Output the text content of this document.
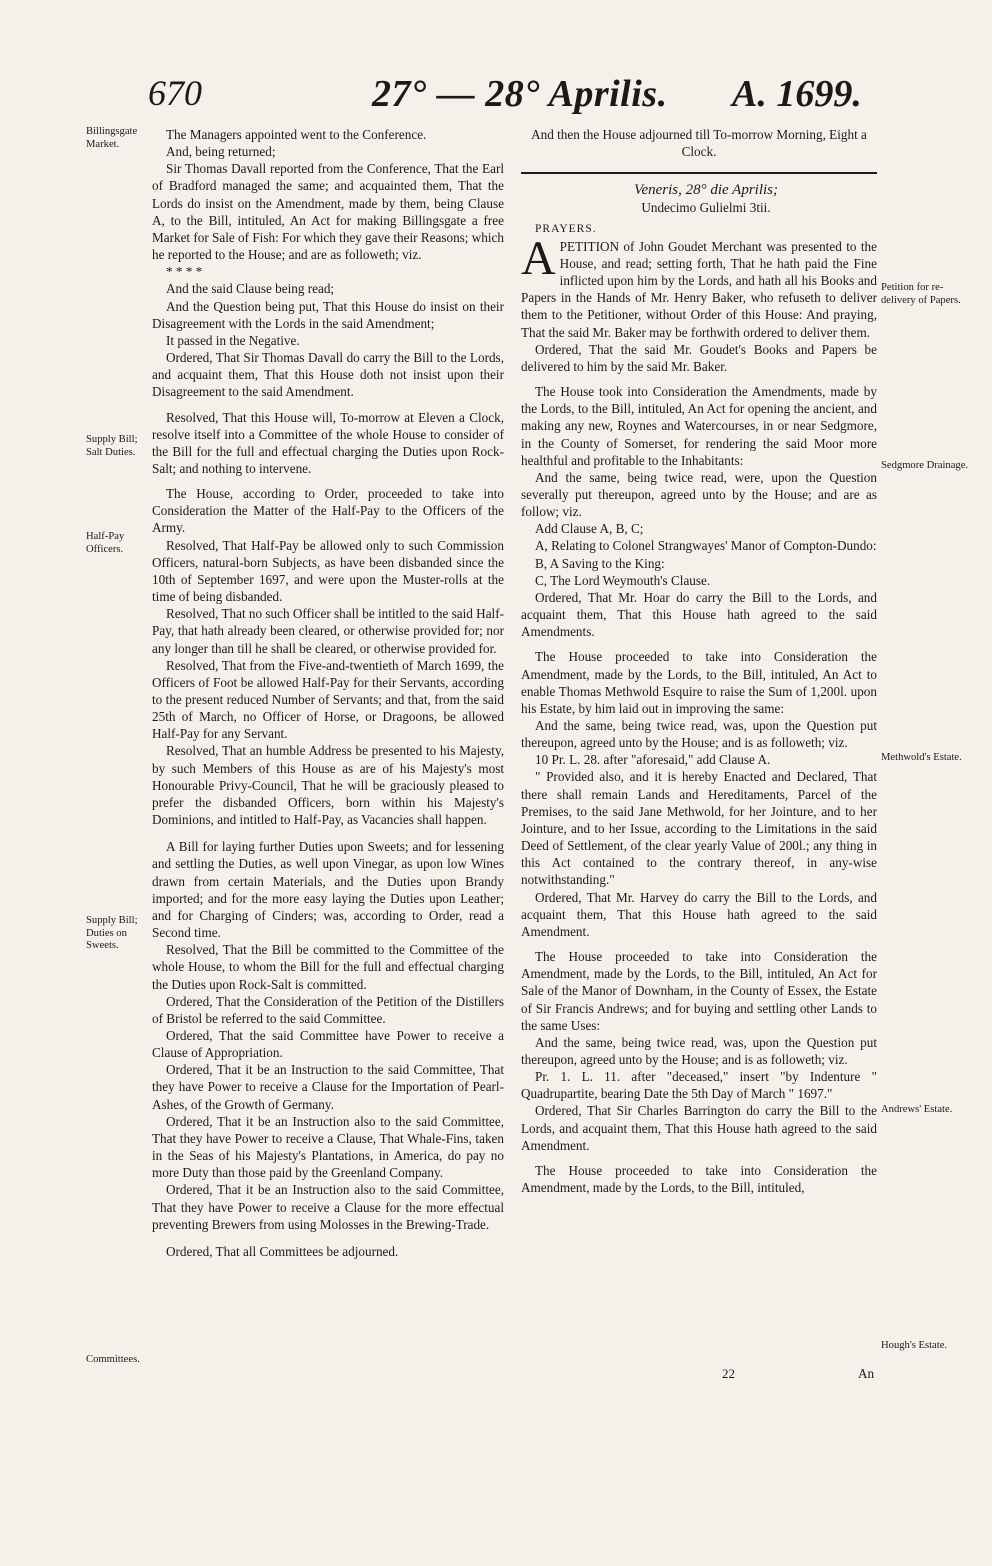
670	27° — 28° Aprilis. A. 1699.
Billingsgate Market.
Supply Bill; Salt Duties.
Half-Pay Officers.
Supply Bill; Duties on Sweets.
Committees.
Petition for re-delivery of Papers.
Sedgmore Drainage.
Methwold's Estate.
Andrews' Estate.
Hough's Estate.

The Managers appointed went to the Conference.

And, being returned;

Sir Thomas Davall reported from the Conference, That the Earl of Bradford managed the same; and acquainted them, That the Lords do insist on the Amendment, made by them, being Clause A, to the Bill, intituled, An Act for making Billingsgate a free Market for Sale of Fish: For which they gave their Reasons; which he reported to the House; and are as followeth; viz.

* * * *

And the said Clause being read;

And the Question being put, That this House do insist on their Disagreement with the Lords in the said Amendment;

It passed in the Negative.

Ordered, That Sir Thomas Davall do carry the Bill to the Lords, and acquaint them, That this House doth not insist upon their Disagreement to the said Amendment.

Resolved, That this House will, To-morrow at Eleven a Clock, resolve itself into a Committee of the whole House to consider of the Bill for the full and effectual charging the Duties upon Rock-Salt; and nothing to intervene.

The House, according to Order, proceeded to take into Consideration the Matter of the Half-Pay to the Officers of the Army.

Resolved, That Half-Pay be allowed only to such Commission Officers, natural-born Subjects, as have been disbanded since the 10th of September 1697, and were upon the Muster-rolls at the time of being disbanded.

Resolved, That no such Officer shall be intitled to the said Half-Pay, that hath already been cleared, or otherwise provided for; nor any longer than till he shall be cleared, or otherwise provided for.

Resolved, That from the Five-and-twentieth of March 1699, the Officers of Foot be allowed Half-Pay for their Servants, according to the present reduced Number of Servants; and that, from the said 25th of March, no Officer of Horse, or Dragoons, be allowed Half-Pay for any Servant.

Resolved, That an humble Address be presented to his Majesty, by such Members of this House as are of his Majesty's most Honourable Privy-Council, That he will be graciously pleased to prefer the disbanded Officers, born within his Majesty's Dominions, and intitled to Half-Pay, as Vacancies shall happen.

A Bill for laying further Duties upon Sweets; and for lessening and settling the Duties, as well upon Vinegar, as upon low Wines drawn from certain Materials, and the Duties upon Brandy imported; and for the more easy laying the Duties upon Leather; and for Charging of Cinders; was, according to Order, read a Second time.

Resolved, That the Bill be committed to the Committee of the whole House, to whom the Bill for the full and effectual charging the Duties upon Rock-Salt is committed.

Ordered, That the Consideration of the Petition of the Distillers of Bristol be referred to the said Committee.

Ordered, That the said Committee have Power to receive a Clause of Appropriation.

Ordered, That it be an Instruction to the said Committee, That they have Power to receive a Clause for the Importation of Pearl-Ashes, of the Growth of Germany.

Ordered, That it be an Instruction also to the said Committee, That they have Power to receive a Clause, That Whale-Fins, taken in the Seas of his Majesty's Plantations, in America, do pay no more Duty than those paid by the Greenland Company.

Ordered, That it be an Instruction also to the said Committee, That they have Power to receive a Clause for the more effectual preventing Brewers from using Molosses in the Brewing-Trade.

Ordered, That all Committees be adjourned.

And then the House adjourned till To-morrow Morning, Eight a Clock.

Veneris, 28° die Aprilis;

Undecimo Gulielmi 3tii.

PRAYERS.

APETITION of John Goudet Merchant was presented to the House, and read; setting forth, That he hath paid the Fine inflicted upon him by the Lords, and hath all his Books and Papers in the Hands of Mr. Henry Baker, who refuseth to deliver them to the Petitioner, without Order of this House: And praying, That the said Mr. Baker may be forthwith ordered to deliver them.

Ordered, That the said Mr. Goudet's Books and Papers be delivered to him by the said Mr. Baker.

The House took into Consideration the Amendments, made by the Lords, to the Bill, intituled, An Act for opening the ancient, and making any new, Roynes and Watercourses, in or near Sedgmore, in the County of Somerset, for rendering the said Moor more healthful and profitable to the Inhabitants:

And the same, being twice read, were, upon the Question severally put thereupon, agreed unto by the House; and are as follow; viz.

Add Clause A, B, C;

A, Relating to Colonel Strangwayes' Manor of Compton-Dundo:

B, A Saving to the King:

C, The Lord Weymouth's Clause.

Ordered, That Mr. Hoar do carry the Bill to the Lords, and acquaint them, That this House hath agreed to the said Amendments.

The House proceeded to take into Consideration the Amendment, made by the Lords, to the Bill, intituled, An Act to enable Thomas Methwold Esquire to raise the Sum of 1,200l. upon his Estate, by him laid out in improving the same:

And the same, being twice read, was, upon the Question put thereupon, agreed unto by the House; and is as followeth; viz.

10 Pr. L. 28. after "aforesaid," add Clause A.

" Provided also, and it is hereby Enacted and Declared, That there shall remain Lands and Hereditaments, Parcel of the Premises, to the said Jane Methwold, for her Jointure, and to her Jointure, and to her Issue, according to the Limitations in the said Deed of Settlement, of the clear yearly Value of 200l.; any thing in this Act contained to the contrary thereof, in any-wise notwithstanding."

Ordered, That Mr. Harvey do carry the Bill to the Lords, and acquaint them, That this House hath agreed to the said Amendment.

The House proceeded to take into Consideration the Amendment, made by the Lords, to the Bill, intituled, An Act for Sale of the Manor of Downham, in the County of Essex, the Estate of Sir Francis Andrews; and for buying and settling other Lands to the same Uses:

And the same, being twice read, was, upon the Question put thereupon, agreed unto by the House; and is as followeth; viz.

Pr. 1. L. 11. after "deceased," insert "by Indenture " Quadrupartite, bearing Date the 5th Day of March " 1697."

Ordered, That Sir Charles Barrington do carry the Bill to the Lords, and acquaint them, That this House hath agreed to the said Amendment.

The House proceeded to take into Consideration the Amendment, made by the Lords, to the Bill, intituled,

22	An
